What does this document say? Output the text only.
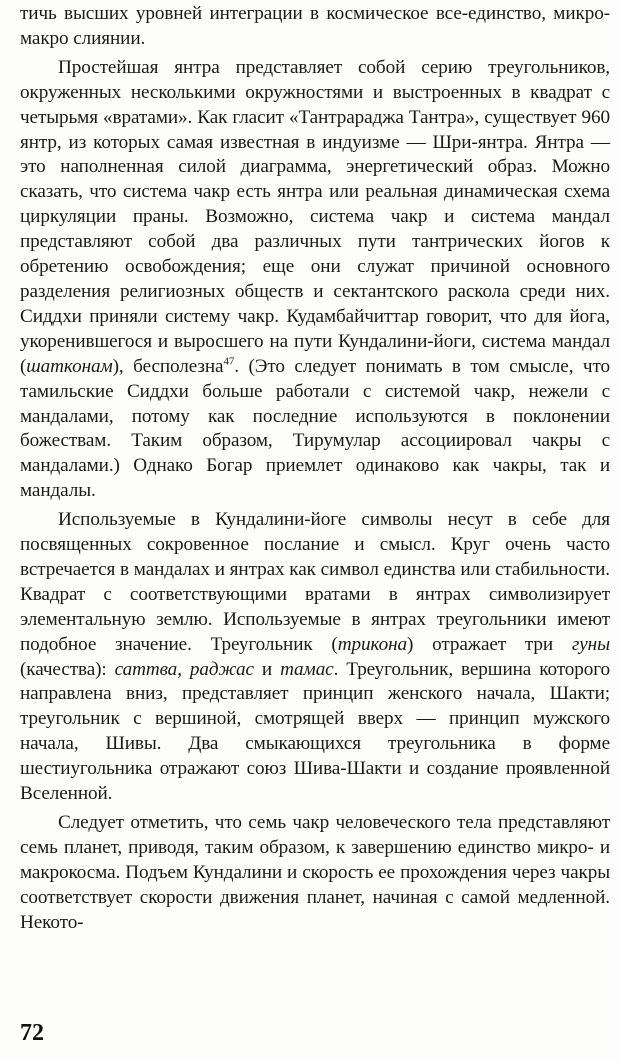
тичь высших уровней интеграции в космическое все-единство, микро-макро слиянии.

Простейшая янтра представляет собой серию треугольников, окруженных несколькими окружностями и выстроенных в квадрат с четырьмя «вратами». Как гласит «Тантрараджа Тантра», существует 960 янтр, из которых самая известная в индуизме — Шри-янтра. Янтра — это наполненная силой диаграмма, энергетический образ. Можно сказать, что система чакр есть янтра или реальная динамическая схема циркуляции праны. Возможно, система чакр и система мандал представляют собой два различных пути тантрических йогов к обретению освобождения; еще они служат причиной основного разделения религиозных обществ и сектантского раскола среди них. Сиддхи приняли систему чакр. Кудамбайчиттар говорит, что для йога, укоренившегося и выросшего на пути Кундалини-йоги, система мандал (шатконам), бесполезна$^{47}$. (Это следует понимать в том смысле, что тамильские Сиддхи больше работали с системой чакр, нежели с мандалами, потому как последние используются в поклонении божествам. Таким образом, Тирумулар ассоциировал чакры с мандалами.) Однако Богар приемлет одинаково как чакры, так и мандалы.

Используемые в Кундалини-йоге символы несут в себе для посвященных сокровенное послание и смысл. Круг очень часто встречается в мандалах и янтрах как символ единства или стабильности. Квадрат с соответствующими вратами в янтрах символизирует элементальную землю. Используемые в янтрах треугольники имеют подобное значение. Треугольник (трикона) отражает три гуны (качества): саттва, раджас и тамас. Треугольник, вершина которого направлена вниз, представляет принцип женского начала, Шакти; треугольник с вершиной, смотрящей вверх — принцип мужского начала, Шивы. Два смыкающихся треугольника в форме шестиугольника отражают союз Шива-Шакти и создание проявленной Вселенной.

Следует отметить, что семь чакр человеческого тела представляют семь планет, приводя, таким образом, к завершению единство микро- и макрокосма. Подъем Кундалини и скорость ее прохождения через чакры соответствует скорости движения планет, начиная с самой медленной. Некото-

72
